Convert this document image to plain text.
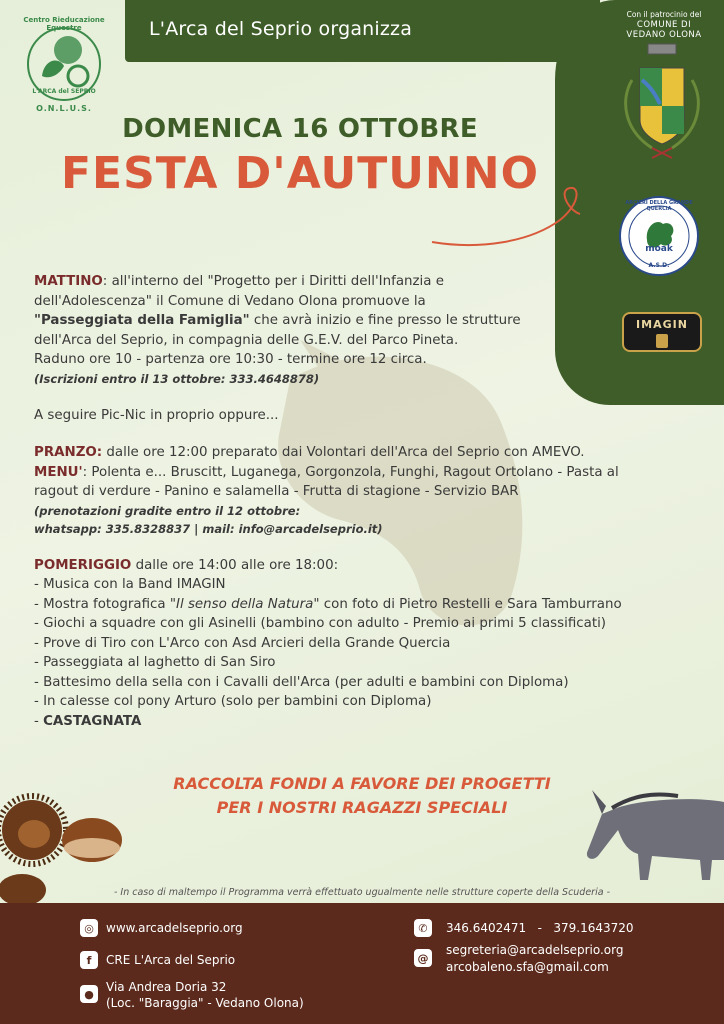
L'Arca del Seprio organizza
Con il patrocinio del
COMUNE DI
VEDANO OLONA
ARCIERI DELLA GRANDE QUERCIA
moak
A.S.D.
IMAGIN
Centro Rieducazione Equestre
L'ARCA del SEPRIO
O.N.L.U.S.
DOMENICA 16 OTTOBRE
FESTA D'AUTUNNO

MATTINO: all'interno del "Progetto per i Diritti dell'Infanzia e

dell'Adolescenza" il Comune di Vedano Olona promuove la

"Passeggiata della Famiglia" che avrà inizio e fine presso le strutture

dell'Arca del Seprio, in compagnia delle G.E.V. del Parco Pineta.

Raduno ore 10 - partenza ore 10:30 - termine ore 12 circa.

(Iscrizioni entro il 13 ottobre: 333.4648878)

A seguire Pic-Nic in proprio oppure...

PRANZO: dalle ore 12:00 preparato dai Volontari dell'Arca del Seprio con AMEVO.

MENU': Polenta e... Bruscitt, Luganega, Gorgonzola, Funghi, Ragout Ortolano - Pasta al

ragout di verdure - Panino e salamella - Frutta di stagione - Servizio BAR

(prenotazioni gradite entro il 12 ottobre:

whatsapp: 335.8328837 | mail: info@arcadelseprio.it)

POMERIGGIO dalle ore 14:00 alle ore 18:00:

- Musica con la Band IMAGIN

- Mostra fotografica "Il senso della Natura" con foto di Pietro Restelli e Sara Tamburrano

- Giochi a squadre con gli Asinelli (bambino con adulto - Premio ai primi 5 classificati)

- Prove di Tiro con L'Arco con Asd Arcieri della Grande Quercia

- Passeggiata al laghetto di San Siro

- Battesimo della sella con i Cavalli dell'Arca (per adulti e bambini con Diploma)

- In calesse col pony Arturo (solo per bambini con Diploma)

- CASTAGNATA

RACCOLTA FONDI A FAVORE DEI PROGETTI
PER I NOSTRI RAGAZZI SPECIALI
- In caso di maltempo il Programma verrà effettuato ugualmente nelle strutture coperte della Scuderia -
◎	www.arcadelseprio.org
f	CRE L'Arca del Seprio
●	Via Andrea Doria 32
(Loc. "Baraggia" - Vedano Olona)
✆	346.6402471   -   379.1643720
@
segreteria@arcadelseprio.org
arcobaleno.sfa@gmail.com
